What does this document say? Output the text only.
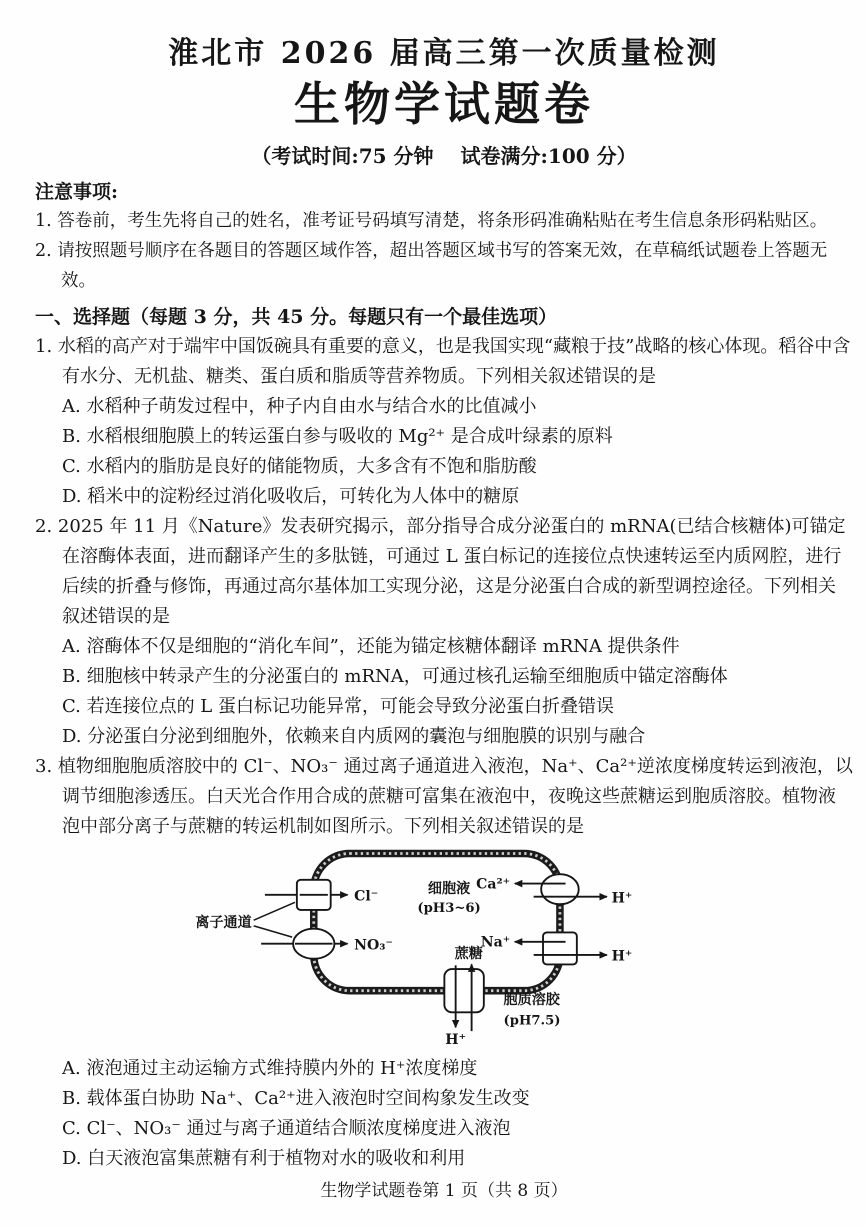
淮北市 2026 届高三第一次质量检测
生物学试题卷

（考试时间:75 分钟　 试卷满分:100 分）

注意事项:

1. 答卷前，考生先将自己的姓名，准考证号码填写清楚，将条形码准确粘贴在考生信息条形码粘贴区。

2. 请按照题号顺序在各题目的答题区域作答，超出答题区域书写的答案无效，在草稿纸试题卷上答题无效。

一、选择题（每题 3 分，共 45 分。每题只有一个最佳选项）

1. 水稻的高产对于端牢中国饭碗具有重要的意义，也是我国实现“藏粮于技”战略的核心体现。稻谷中含有水分、无机盐、糖类、蛋白质和脂质等营养物质。下列相关叙述错误的是

A. 水稻种子萌发过程中，种子内自由水与结合水的比值减小

B. 水稻根细胞膜上的转运蛋白参与吸收的 Mg²⁺ 是合成叶绿素的原料

C. 水稻内的脂肪是良好的储能物质，大多含有不饱和脂肪酸

D. 稻米中的淀粉经过消化吸收后，可转化为人体中的糖原

2. 2025 年 11 月《Nature》发表研究揭示，部分指导合成分泌蛋白的 mRNA(已结合核糖体)可锚定在溶酶体表面，进而翻译产生的多肽链，可通过 L 蛋白标记的连接位点快速转运至内质网腔，进行后续的折叠与修饰，再通过高尔基体加工实现分泌，这是分泌蛋白合成的新型调控途径。下列相关叙述错误的是

A. 溶酶体不仅是细胞的“消化车间”，还能为锚定核糖体翻译 mRNA 提供条件

B. 细胞核中转录产生的分泌蛋白的 mRNA，可通过核孔运输至细胞质中锚定溶酶体

C. 若连接位点的 L 蛋白标记功能异常，可能会导致分泌蛋白折叠错误

D. 分泌蛋白分泌到细胞外，依赖来自内质网的囊泡与细胞膜的识别与融合

3. 植物细胞胞质溶胶中的 Cl⁻、NO₃⁻ 通过离子通道进入液泡，Na⁺、Ca²⁺逆浓度梯度转运到液泡，以调节细胞渗透压。白天光合作用合成的蔗糖可富集在液泡中，夜晚这些蔗糖运到胞质溶胶。植物液泡中部分离子与蔗糖的转运机制如图所示。下列相关叙述错误的是

细胞液
(pH3~6)
Cl⁻
NO₃⁻
离子通道
Ca²⁺
H⁺
Na⁺
H⁺
蔗糖
H⁺
胞质溶胶
(pH7.5)

A. 液泡通过主动运输方式维持膜内外的 H⁺浓度梯度

B. 载体蛋白协助 Na⁺、Ca²⁺进入液泡时空间构象发生改变

C. Cl⁻、NO₃⁻ 通过与离子通道结合顺浓度梯度进入液泡

D. 白天液泡富集蔗糖有利于植物对水的吸收和利用

生物学试题卷第 1 页（共 8 页）
